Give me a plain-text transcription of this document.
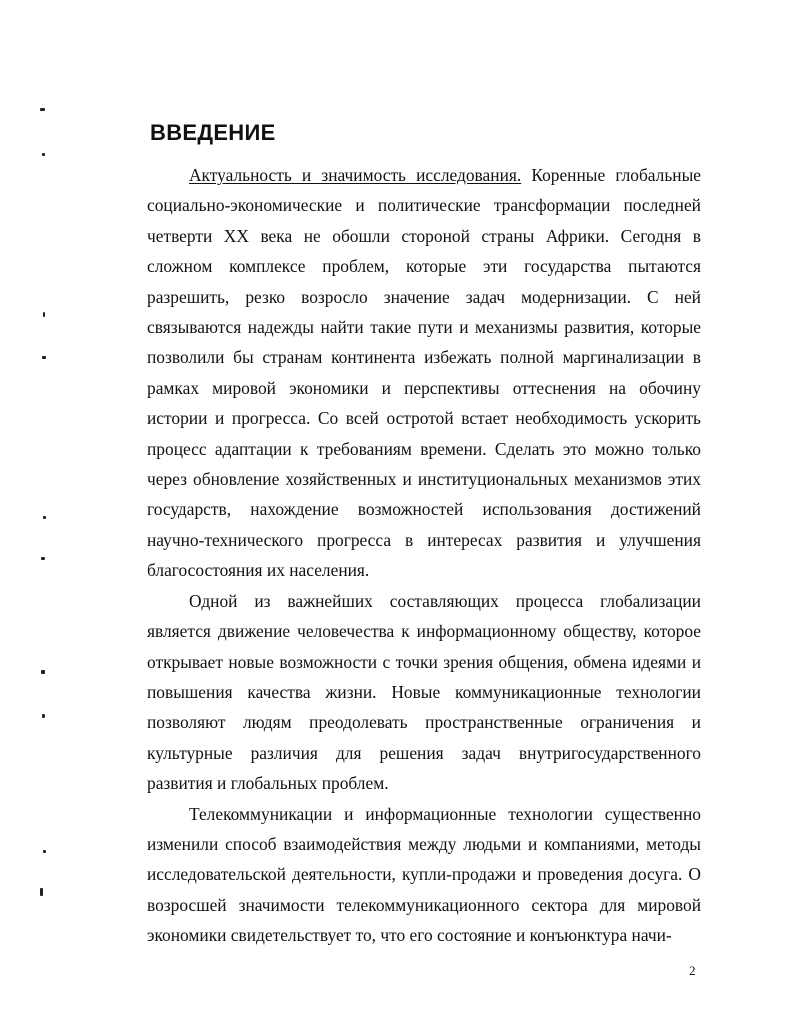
ВВЕДЕНИЕ

Актуальность и значимость исследования. Коренные глобальные социально-экономические и политические трансформации последней четверти XX века не обошли стороной страны Африки. Сегодня в сложном комплексе проблем, которые эти государства пытаются разрешить, резко возросло значение задач модернизации. С ней связываются надежды найти такие пути и механизмы развития, которые позволили бы странам континента избежать полной маргинализации в рамках мировой экономики и перспективы оттеснения на обочину истории и прогресса. Со всей остротой встает необходимость ускорить процесс адаптации к требованиям времени. Сделать это можно только через обновление хозяйственных и институциональных механизмов этих государств, нахождение возможностей использования достижений научно-технического прогресса в интересах развития и улучшения благосостояния их населения.

Одной из важнейших составляющих процесса глобализации является движение человечества к информационному обществу, которое открывает новые возможности с точки зрения общения, обмена идеями и повышения качества жизни. Новые коммуникационные технологии позволяют людям преодолевать пространственные ограничения и культурные различия для решения задач внутригосударственного развития и глобальных проблем.

Телекоммуникации и информационные технологии существенно изменили способ взаимодействия между людьми и компаниями, методы исследовательской деятельности, купли-продажи и проведения досуга. О возросшей значимости телекоммуникационного сектора для мировой экономики свидетельствует то, что его состояние и конъюнктура начи-

2
